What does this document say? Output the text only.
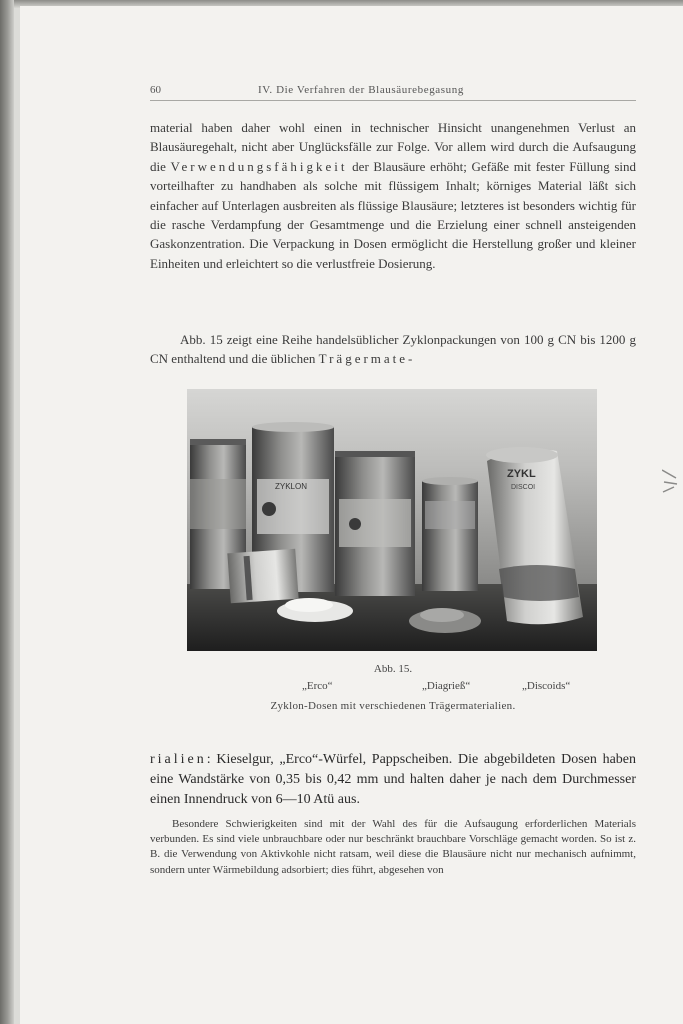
60	IV. Die Verfahren der Blausäurebegasung
material haben daher wohl einen in technischer Hinsicht unangenehmen Verlust an Blausäuregehalt, nicht aber Unglücksfälle zur Folge. Vor allem wird durch die Aufsaugung die Verwendungsfähigkeit der Blausäure erhöht; Gefäße mit fester Füllung sind vorteilhafter zu handhaben als solche mit flüssigem Inhalt; körniges Material läßt sich einfacher auf Unterlagen ausbreiten als flüssige Blausäure; letzteres ist besonders wichtig für die rasche Verdampfung der Gesamtmenge und die Erzielung einer schnell ansteigenden Gaskonzentration. Die Verpackung in Dosen ermöglicht die Herstellung großer und kleiner Einheiten und erleichtert so die verlustfreie Dosierung.
Abb. 15 zeigt eine Reihe handelsüblicher Zyklonpackungen von 100 g CN bis 1200 g CN enthaltend und die üblichen Trägermate-
ZYKLON
ZYKL
DISCOI
Abb. 15.
„Erco“	„Diagrieß“	„Discoids“
Zyklon-Dosen mit verschiedenen Trägermaterialien.
rialien: Kieselgur, „Erco“-Würfel, Pappscheiben. Die abgebildeten Dosen haben eine Wandstärke von 0,35 bis 0,42 mm und halten daher je nach dem Durchmesser einen Innendruck von 6—10 Atü aus.
Besondere Schwierigkeiten sind mit der Wahl des für die Aufsaugung erforderlichen Materials verbunden. Es sind viele unbrauchbare oder nur beschränkt brauchbare Vorschläge gemacht worden. So ist z. B. die Verwendung von Aktivkohle nicht ratsam, weil diese die Blausäure nicht nur mechanisch aufnimmt, sondern unter Wärmebildung adsorbiert; dies führt, abgesehen von
